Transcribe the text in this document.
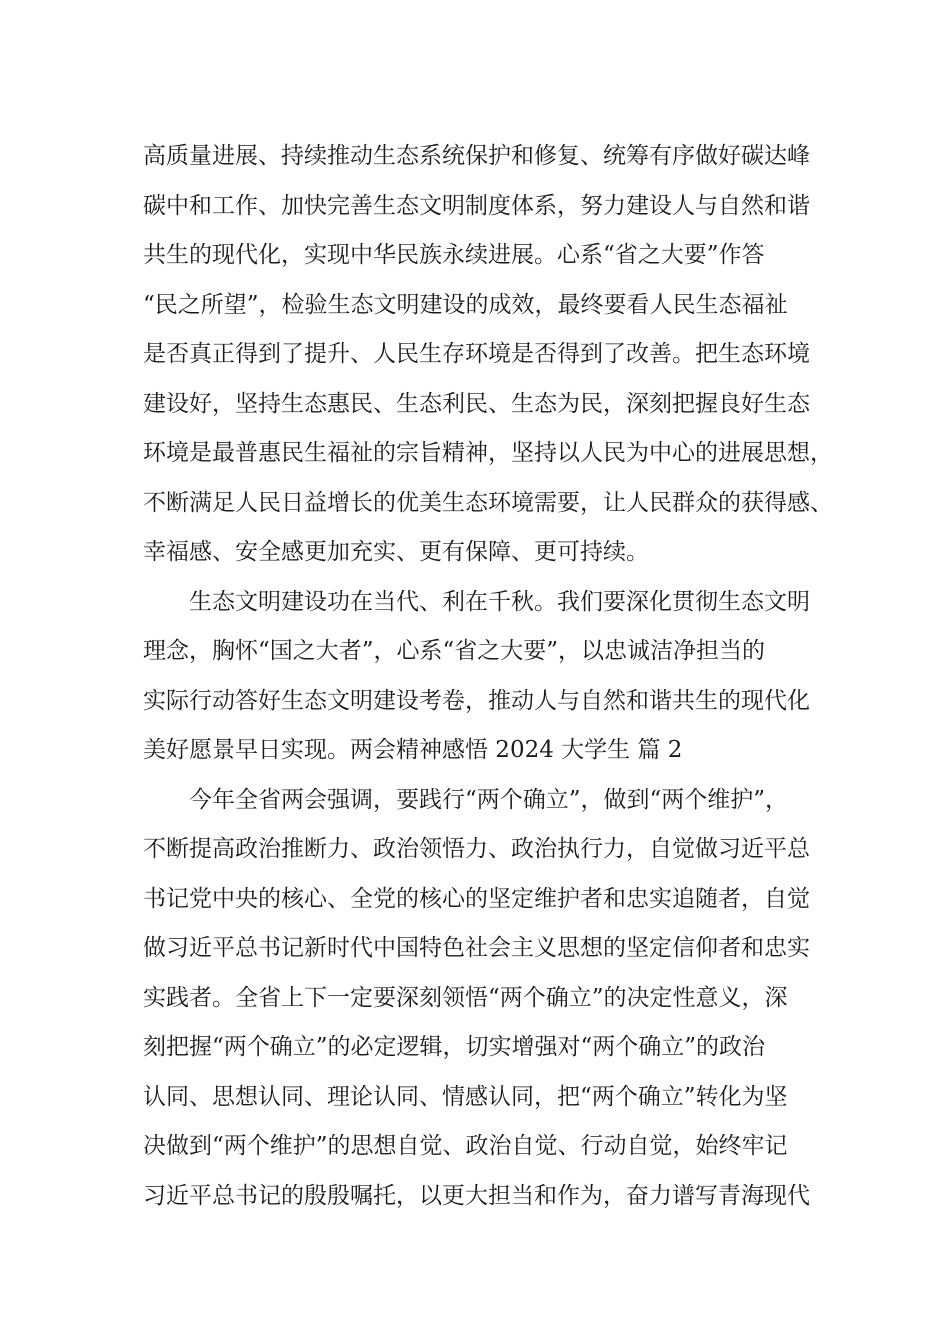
高质量进展、持续推动生态系统保护和修复、统筹有序做好碳达峰
碳中和工作、加快完善生态文明制度体系，努力建设人与自然和谐
共生的现代化，实现中华民族永续进展。心系“省之大要”作答
“民之所望”，检验生态文明建设的成效，最终要看人民生态福祉
是否真正得到了提升、人民生存环境是否得到了改善。把生态环境
建设好，坚持生态惠民、生态利民、生态为民，深刻把握良好生态
环境是最普惠民生福祉的宗旨精神，坚持以人民为中心的进展思想，
不断满足人民日益增长的优美生态环境需要，让人民群众的获得感、
幸福感、安全感更加充实、更有保障、更可持续。
生态文明建设功在当代、利在千秋。我们要深化贯彻生态文明
理念，胸怀“国之大者”，心系“省之大要”，以忠诚洁净担当的
实际行动答好生态文明建设考卷，推动人与自然和谐共生的现代化
美好愿景早日实现。两会精神感悟 2024 大学生 篇 2
今年全省两会强调，要践行“两个确立”，做到“两个维护”，
不断提高政治推断力、政治领悟力、政治执行力，自觉做习近平总
书记党中央的核心、全党的核心的坚定维护者和忠实追随者，自觉
做习近平总书记新时代中国特色社会主义思想的坚定信仰者和忠实
实践者。全省上下一定要深刻领悟“两个确立”的决定性意义，深
刻把握“两个确立”的必定逻辑，切实增强对“两个确立”的政治
认同、思想认同、理论认同、情感认同，把“两个确立”转化为坚
决做到“两个维护”的思想自觉、政治自觉、行动自觉，始终牢记
习近平总书记的殷殷嘱托，以更大担当和作为，奋力谱写青海现代
